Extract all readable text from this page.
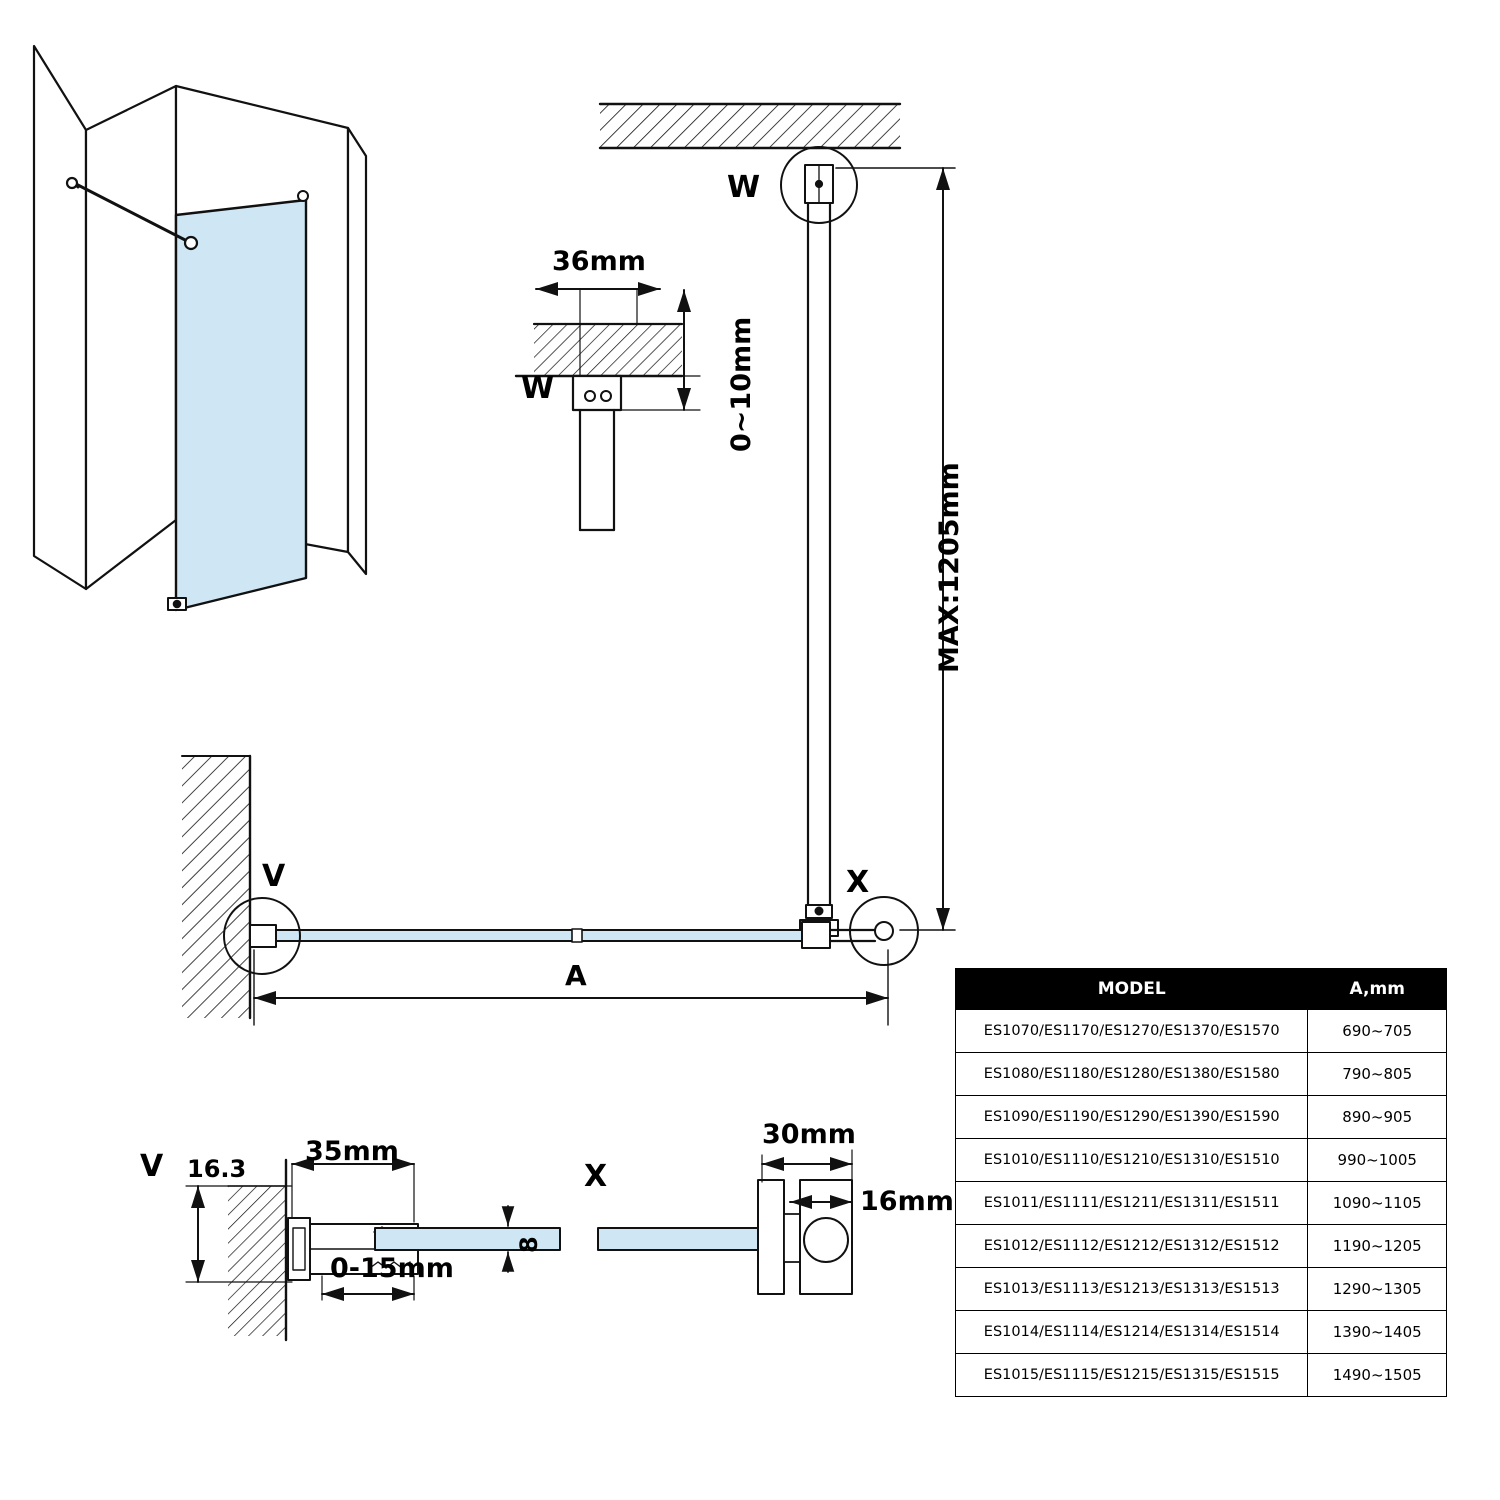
36mm
0~10mm
MAX:1205mm
W
W
V	X
A
V 16.3
35mm
0-15mm
8
X
30mm
16mm
MODEL	A,mm
ES1070/ES1170/ES1270/ES1370/ES1570	690~705
ES1080/ES1180/ES1280/ES1380/ES1580	790~805
ES1090/ES1190/ES1290/ES1390/ES1590	890~905
ES1010/ES1110/ES1210/ES1310/ES1510	990~1005
ES1011/ES1111/ES1211/ES1311/ES1511	1090~1105
ES1012/ES1112/ES1212/ES1312/ES1512	1190~1205
ES1013/ES1113/ES1213/ES1313/ES1513	1290~1305
ES1014/ES1114/ES1214/ES1314/ES1514	1390~1405
ES1015/ES1115/ES1215/ES1315/ES1515	1490~1505
